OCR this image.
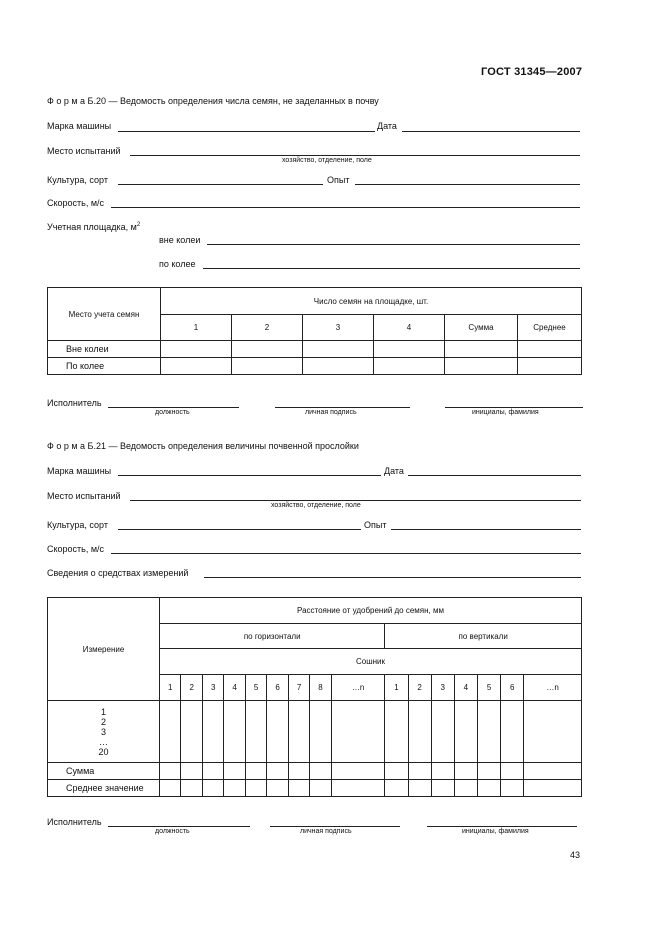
ГОСТ 31345—2007
Ф о р м а Б.20 — Ведомость определения числа семян, не заделанных в почву
Марка машины	Дата
Место испытаний
хозяйство, отделение, поле
Культура, сорт	Опыт
Скорость, м/с
Учетная площадка, $м^2$
вне колеи
по колее
Место учета семян	Число семян на площадке, шт.					
	1	2	3	4	Сумма	Среднее
Вне колеи						
По колее						
Исполнитель
должность	личная подпись	инициалы, фамилия
Ф о р м а Б.21 — Ведомость определения величины почвенной прослойки
Марка машины	Дата
Место испытаний
хозяйство, отделение, поле
Культура, сорт	Опыт
Скорость, м/с
Сведения о средствах измерений
Измерение	Расстояние от удобрений до семян, мм															
	по горизонтали									по вертикали						
	Сошник															
	1	2	3	4	5	6	7	8	…n	1	2	3	4	5	6	…n

1
2
3
…
20																

Сумма																
Среднее значение																
Исполнитель
должность	личная подпись	инициалы, фамилия
43
